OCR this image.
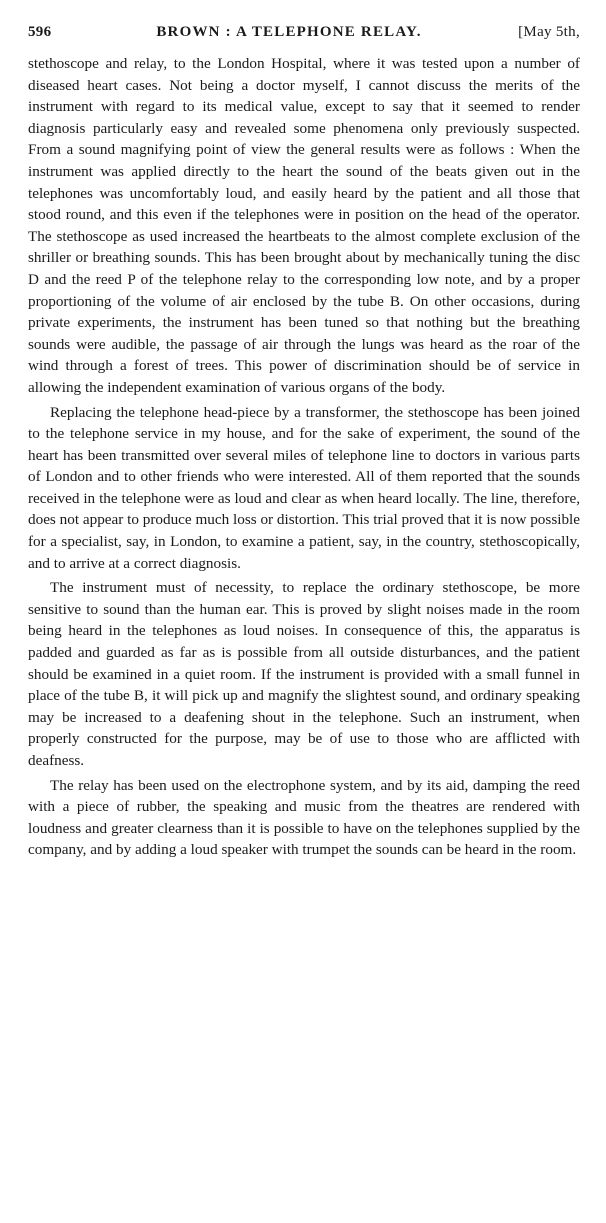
596	BROWN : A TELEPHONE RELAY.	[May 5th,

stethoscope and relay, to the London Hospital, where it was tested upon a number of diseased heart cases. Not being a doctor myself, I cannot discuss the merits of the instrument with regard to its medical value, except to say that it seemed to render diagnosis particularly easy and revealed some phenomena only previously suspected. From a sound magnifying point of view the general results were as follows : When the instrument was applied directly to the heart the sound of the beats given out in the telephones was uncomfortably loud, and easily heard by the patient and all those that stood round, and this even if the telephones were in position on the head of the operator. The stethoscope as used increased the heartbeats to the almost complete exclusion of the shriller or breathing sounds. This has been brought about by mechanically tuning the disc D and the reed P of the telephone relay to the corresponding low note, and by a proper proportioning of the volume of air enclosed by the tube B. On other occasions, during private experiments, the instrument has been tuned so that nothing but the breathing sounds were audible, the passage of air through the lungs was heard as the roar of the wind through a forest of trees. This power of discrimination should be of service in allowing the independent examination of various organs of the body.

Replacing the telephone head-piece by a transformer, the stethoscope has been joined to the telephone service in my house, and for the sake of experiment, the sound of the heart has been transmitted over several miles of telephone line to doctors in various parts of London and to other friends who were interested. All of them reported that the sounds received in the telephone were as loud and clear as when heard locally. The line, therefore, does not appear to produce much loss or distortion. This trial proved that it is now possible for a specialist, say, in London, to examine a patient, say, in the country, stethoscopically, and to arrive at a correct diagnosis.

The instrument must of necessity, to replace the ordinary stethoscope, be more sensitive to sound than the human ear. This is proved by slight noises made in the room being heard in the telephones as loud noises. In consequence of this, the apparatus is padded and guarded as far as is possible from all outside disturbances, and the patient should be examined in a quiet room. If the instrument is provided with a small funnel in place of the tube B, it will pick up and magnify the slightest sound, and ordinary speaking may be increased to a deafening shout in the telephone. Such an instrument, when properly constructed for the purpose, may be of use to those who are afflicted with deafness.

The relay has been used on the electrophone system, and by its aid, damping the reed with a piece of rubber, the speaking and music from the theatres are rendered with loudness and greater clearness than it is possible to have on the telephones supplied by the company, and by adding a loud speaker with trumpet the sounds can be heard in the room.
